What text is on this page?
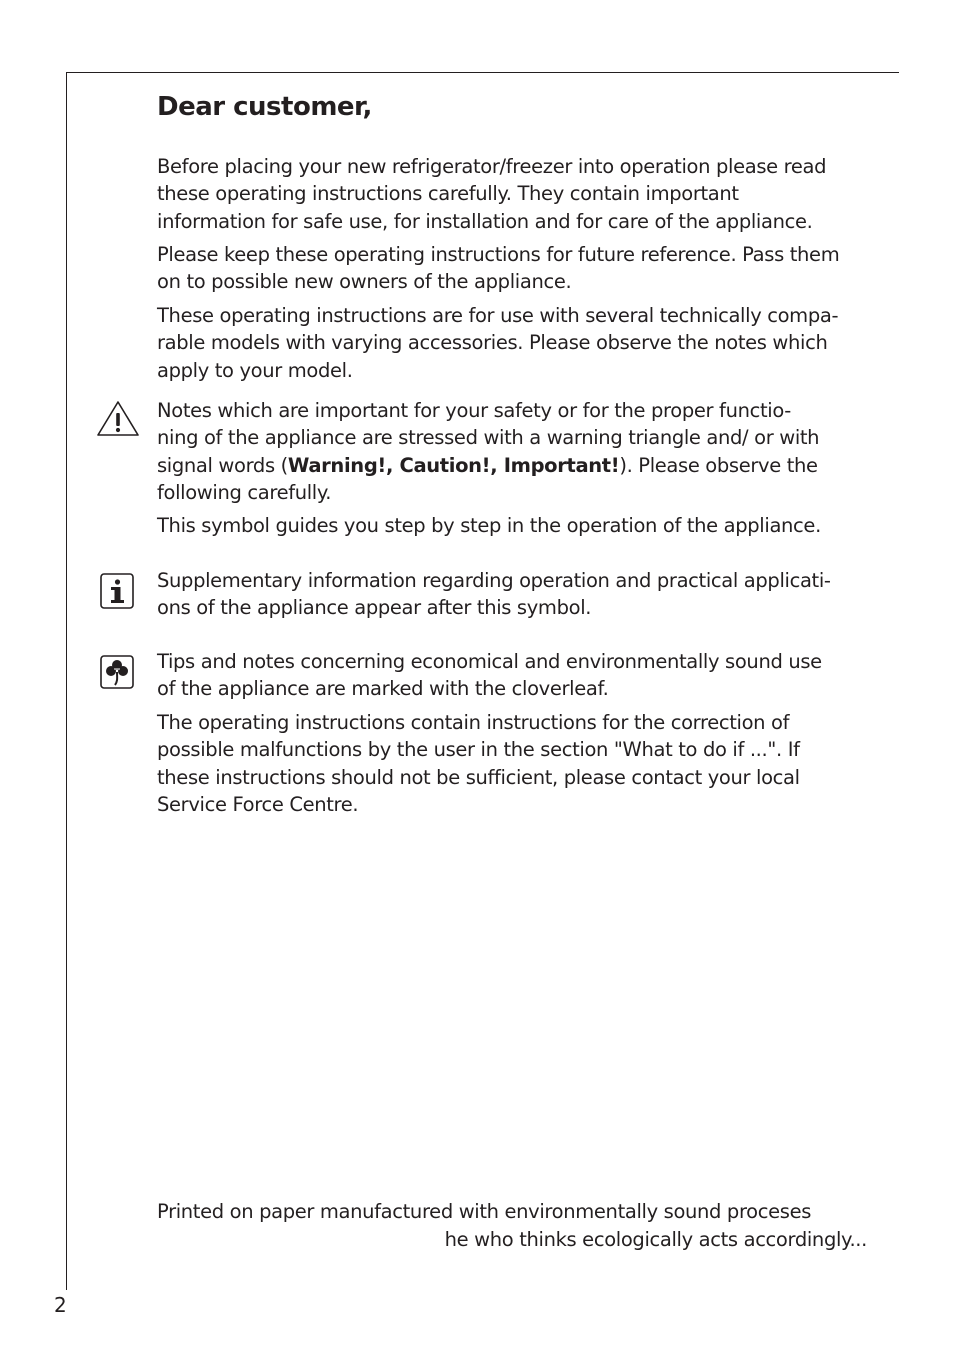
Dear customer,

Before placing your new refrigerator/freezer into operation please read
these operating instructions carefully. They contain important
information for safe use, for installation and for care of the appliance.

Please keep these operating instructions for future reference. Pass them
on to possible new owners of the appliance.

These operating instructions are for use with several technically compa-
rable models with varying accessories. Please observe the notes which
apply to your model.

Notes which are important for your safety or for the proper functio-
ning of the appliance are stressed with a warning triangle and/ or with
signal words (Warning!, Caution!, Important!). Please observe the
following carefully.

This symbol guides you step by step in the operation of the appliance.

Supplementary information regarding operation and practical applicati-
ons of the appliance appear after this symbol.

Tips and notes concerning economical and environmentally sound use
of the appliance are marked with the cloverleaf.

The operating instructions contain instructions for the correction of
possible malfunctions by the user in the section "What to do if ...". If
these instructions should not be sufficient, please contact your local
Service Force Centre.

Printed on paper manufactured with environmentally sound proceses

he who thinks ecologically acts accordingly...

2
